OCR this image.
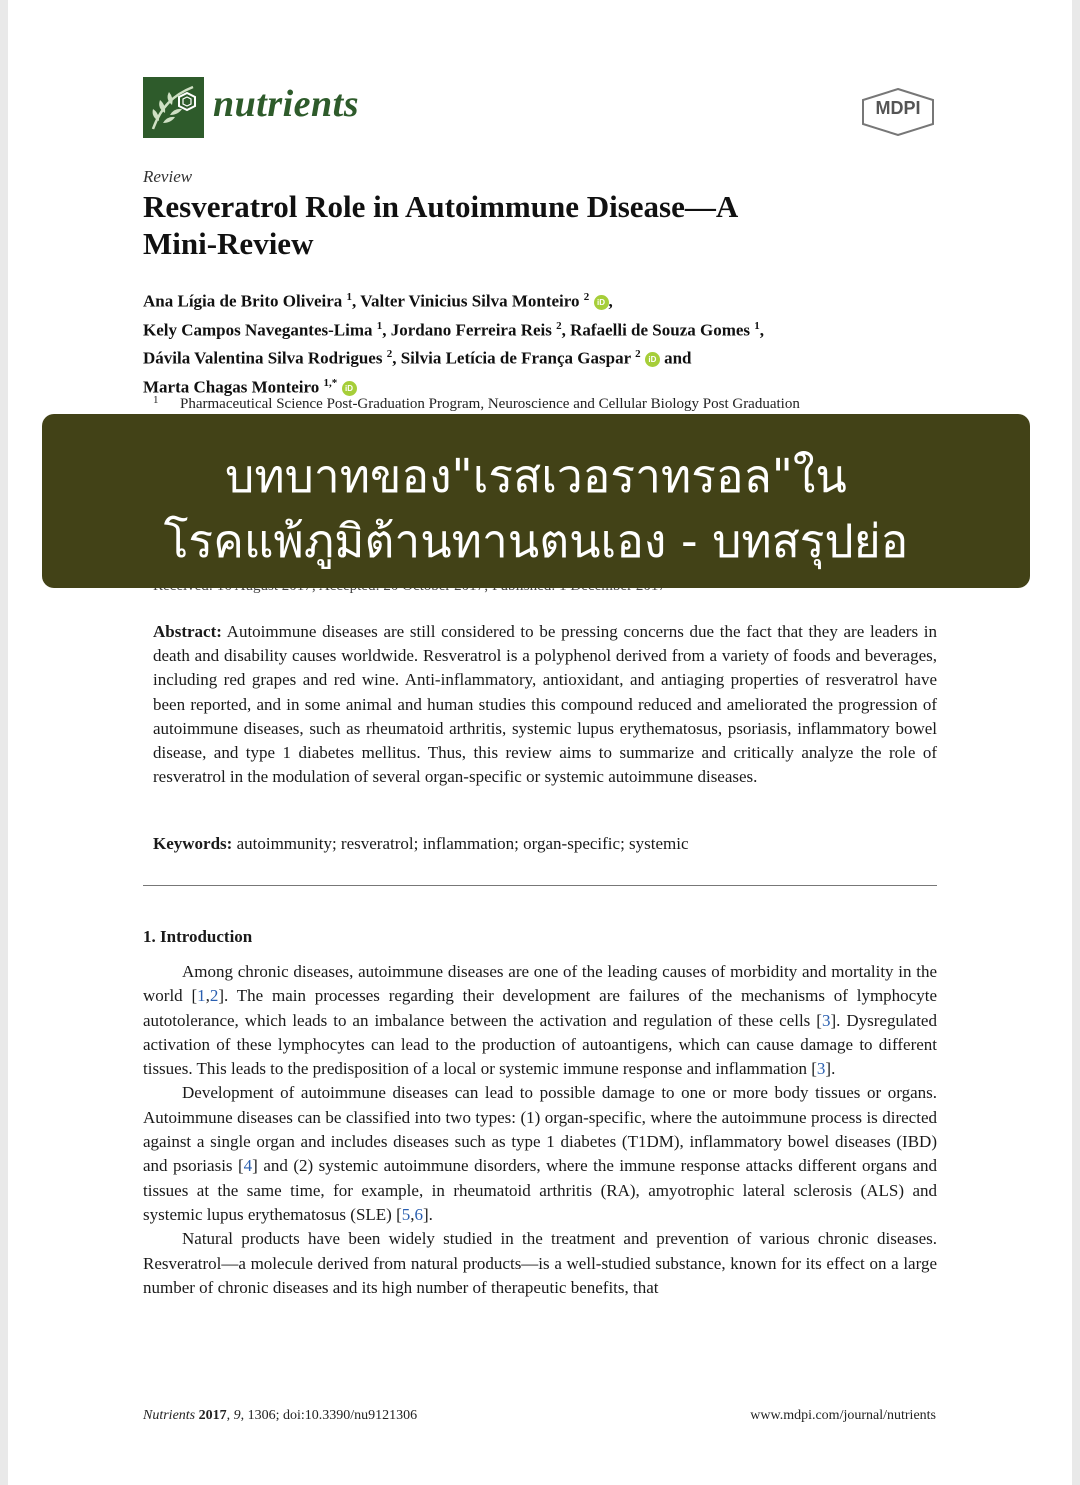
nutrients	MDPI
Review
Resveratrol Role in Autoimmune Disease—A
Mini-Review
Ana Lígia de Brito Oliveira $^1$, Valter Vinicius Silva Monteiro $^2$ iD ,
Kely Campos Navegantes-Lima $^1$, Jordano Ferreira Reis $^2$, Rafaelli de Souza Gomes $^1$,
Dávila Valentina Silva Rodrigues $^2$, Silvia Letícia de França Gaspar $^2$ iD and
Marta Chagas Monteiro $^{1,*}$ iD
1 Pharmaceutical Science Post-Graduation Program, Neuroscience and Cellular Biology Post Graduation
บทบาทของ"เรสเวอราทรอล"ใน
โรคแพ้ภูมิต้านทานตนเอง - บทสรุปย่อ
Abstract: Autoimmune diseases are still considered to be pressing concerns due the fact that they are leaders in death and disability causes worldwide. Resveratrol is a polyphenol derived from a variety of foods and beverages, including red grapes and red wine. Anti-inflammatory, antioxidant, and antiaging properties of resveratrol have been reported, and in some animal and human studies this compound reduced and ameliorated the progression of autoimmune diseases, such as rheumatoid arthritis, systemic lupus erythematosus, psoriasis, inflammatory bowel disease, and type 1 diabetes mellitus. Thus, this review aims to summarize and critically analyze the role of resveratrol in the modulation of several organ-specific or systemic autoimmune diseases.
Keywords: autoimmunity; resveratrol; inflammation; organ-specific; systemic
1. Introduction

Among chronic diseases, autoimmune diseases are one of the leading causes of morbidity and mortality in the world [1,2]. The main processes regarding their development are failures of the mechanisms of lymphocyte autotolerance, which leads to an imbalance between the activation and regulation of these cells [3]. Dysregulated activation of these lymphocytes can lead to the production of autoantigens, which can cause damage to different tissues. This leads to the predisposition of a local or systemic immune response and inflammation [3].

Development of autoimmune diseases can lead to possible damage to one or more body tissues or organs. Autoimmune diseases can be classified into two types: (1) organ-specific, where the autoimmune process is directed against a single organ and includes diseases such as type 1 diabetes (T1DM), inflammatory bowel diseases (IBD) and psoriasis [4] and (2) systemic autoimmune disorders, where the immune response attacks different organs and tissues at the same time, for example, in rheumatoid arthritis (RA), amyotrophic lateral sclerosis (ALS) and systemic lupus erythematosus (SLE) [5,6].

Natural products have been widely studied in the treatment and prevention of various chronic diseases. Resveratrol—a molecule derived from natural products—is a well-studied substance, known for its effect on a large number of chronic diseases and its high number of therapeutic benefits, that

Nutrients 2017, 9, 1306; doi:10.3390/nu9121306	www.mdpi.com/journal/nutrients
